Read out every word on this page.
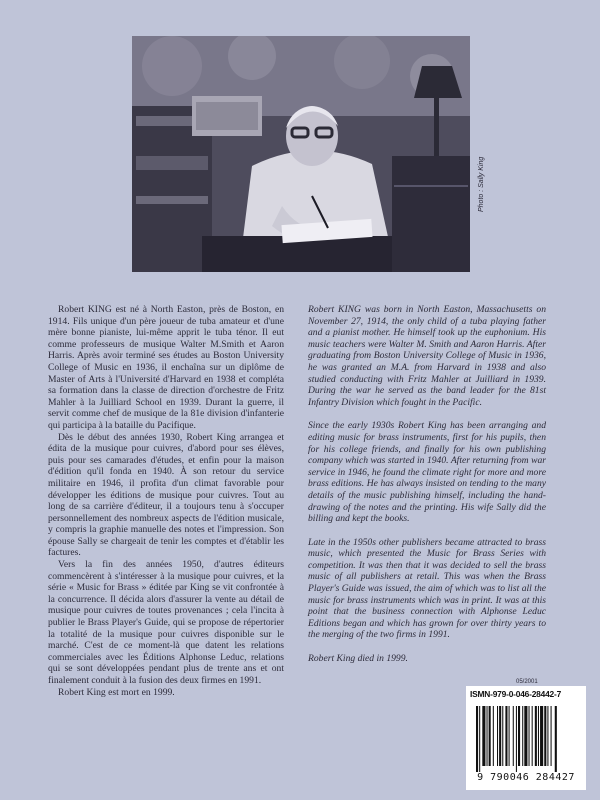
Photo : Sally King

Robert KING est né à North Easton, près de Boston, en 1914. Fils unique d'un père joueur de tuba amateur et d'une mère bonne pianiste, lui-même apprit le tuba ténor. Il eut comme professeurs de musique Walter M.Smith et Aaron Harris. Après avoir terminé ses études au Boston University College of Music en 1936, il enchaîna sur un diplôme de Master of Arts à l'Université d'Harvard en 1938 et compléta sa formation dans la classe de direction d'orchestre de Fritz Mahler à la Juilliard School en 1939. Durant la guerre, il servit comme chef de musique de la 81e division d'infanterie qui participa à la bataille du Pacifique.

Dès le début des années 1930, Robert King arrangea et édita de la musique pour cuivres, d'abord pour ses élèves, puis pour ses camarades d'études, et enfin pour la maison d'édition qu'il fonda en 1940. À son retour du service militaire en 1946, il profita d'un climat favorable pour développer les éditions de musique pour cuivres. Tout au long de sa carrière d'éditeur, il a toujours tenu à s'occuper personnellement des nombreux aspects de l'édition musicale, y compris la graphie manuelle des notes et l'impression. Son épouse Sally se chargeait de tenir les comptes et d'établir les factures.

Vers la fin des années 1950, d'autres éditeurs commencèrent à s'intéresser à la musique pour cuivres, et la série « Music for Brass » éditée par King se vit confrontée à la concurrence. Il décida alors d'assurer la vente au détail de musique pour cuivres de toutes provenances ; cela l'incita à publier le Brass Player's Guide, qui se propose de répertorier la totalité de la musique pour cuivres disponible sur le marché. C'est de ce moment-là que datent les relations commerciales avec les Éditions Alphonse Leduc, relations qui se sont développées pendant plus de trente ans et ont finalement conduit à la fusion des deux firmes en 1991.

Robert King est mort en 1999.

Robert KING was born in North Easton, Massachusetts on November 27, 1914, the only child of a tuba playing father and a pianist mother. He himself took up the euphonium. His music teachers were Walter M. Smith and Aaron Harris. After graduating from Boston University College of Music in 1936, he was granted an M.A. from Harvard in 1938 and also studied conducting with Fritz Mahler at Juilliard in 1939. During the war he served as the band leader for the 81st Infantry Division which fought in the Pacific.

Since the early 1930s Robert King has been arranging and editing music for brass instruments, first for his pupils, then for his college friends, and finally for his own publishing company which was started in 1940. After returning from war service in 1946, he found the climate right for more and more brass editions. He has always insisted on tending to the many details of the music publishing himself, including the hand-drawing of the notes and the printing. His wife Sally did the billing and kept the books.

Late in the 1950s other publishers became attracted to brass music, which presented the Music for Brass Series with competition. It was then that it was decided to sell the brass music of all publishers at retail. This was when the Brass Player's Guide was issued, the aim of which was to list all the music for brass instruments which was in print. It was at this point that the business connection with Alphonse Leduc Editions began and which has grown for over thirty years to the merging of the two firms in 1991.

Robert King died in 1999.

05/2001
ISMN-979-0-046-28442-7
9 790046 284427
